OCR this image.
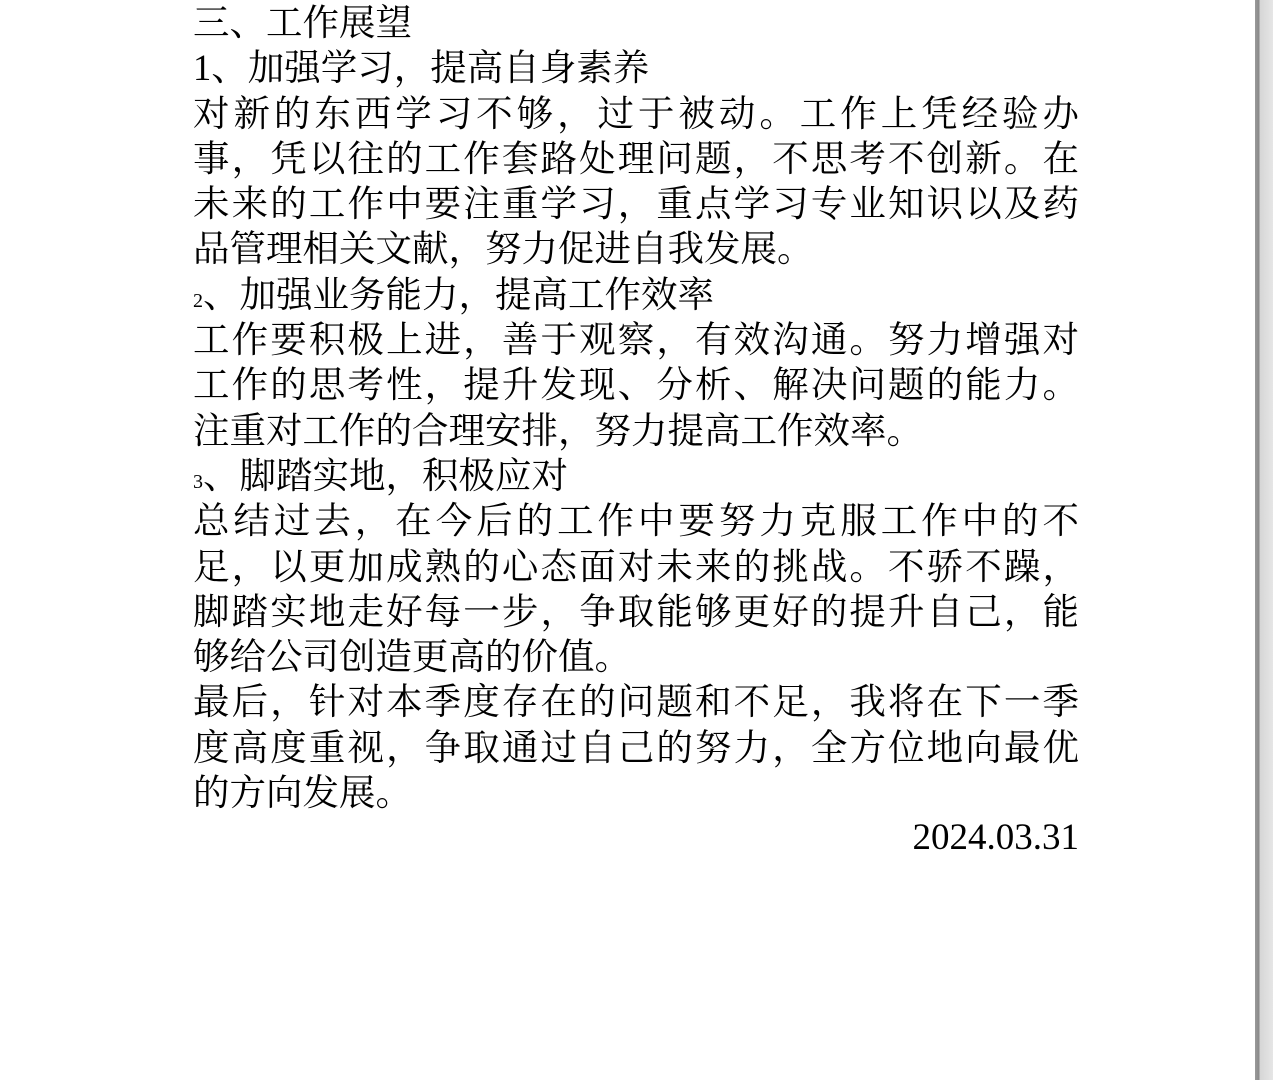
三、工作展望
1、加强学习，提高自身素养
对新的东西学习不够，过于被动。工作上凭经验办
事，凭以往的工作套路处理问题，不思考不创新。在
未来的工作中要注重学习，重点学习专业知识以及药
品管理相关文献，努力促进自我发展。
2、加强业务能力，提高工作效率
工作要积极上进，善于观察，有效沟通。努力增强对
工作的思考性，提升发现、分析、解决问题的能力。
注重对工作的合理安排，努力提高工作效率。
3、脚踏实地，积极应对
总结过去，在今后的工作中要努力克服工作中的不
足，以更加成熟的心态面对未来的挑战。不骄不躁，
脚踏实地走好每一步，争取能够更好的提升自己，能
够给公司创造更高的价值。
最后，针对本季度存在的问题和不足，我将在下一季
度高度重视，争取通过自己的努力，全方位地向最优
的方向发展。
2024.03.31
